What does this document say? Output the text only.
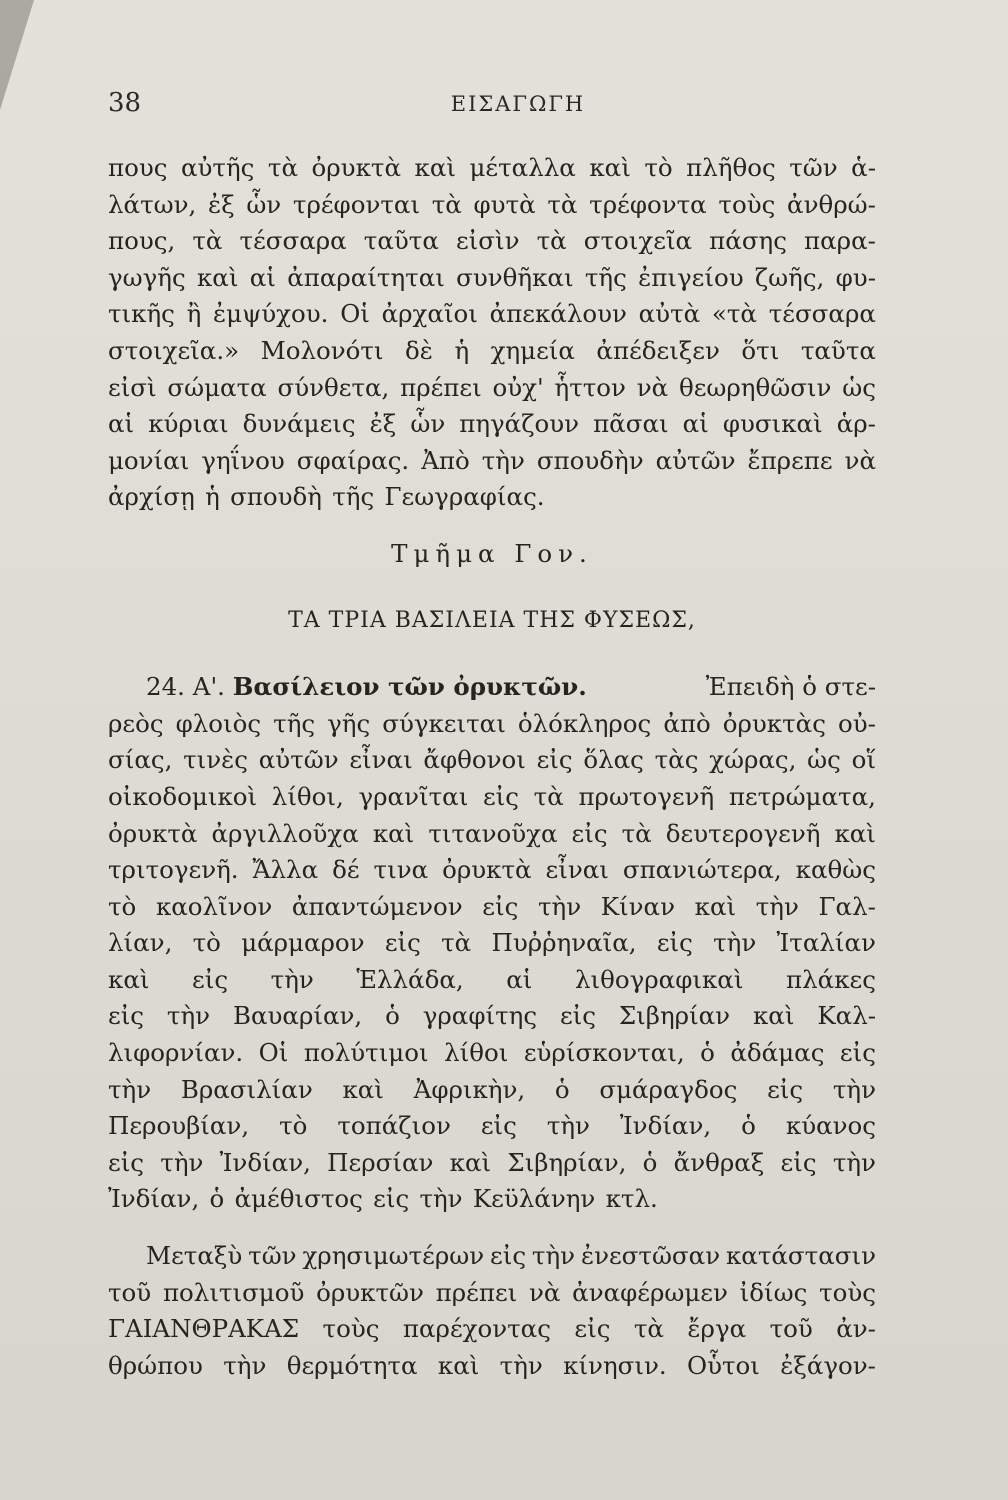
38	ΕΙΣΑΓΩΓΗ
πους αὐτῆς τὰ ὀρυκτὰ καὶ μέταλλα καὶ τὸ πλῆθος τῶν ἁ-
λάτων, ἐξ ὧν τρέφονται τὰ φυτὰ τὰ τρέφοντα τοὺς ἀνθρώ-
πους, τὰ τέσσαρα ταῦτα εἰσὶν τὰ στοιχεῖα πάσης παρα-
γωγῆς καὶ αἱ ἀπαραίτηται συνθῆκαι τῆς ἐπιγείου ζωῆς, φυ-
τικῆς ἢ ἐμψύχου. Οἱ ἀρχαῖοι ἀπεκάλουν αὐτὰ «τὰ τέσσαρα
στοιχεῖα.» Μολονότι δὲ ἡ χημεία ἀπέδειξεν ὅτι ταῦτα
εἰσὶ σώματα σύνθετα, πρέπει οὐχ' ἧττον νὰ θεωρηθῶσιν ὡς
αἱ κύριαι δυνάμεις ἐξ ὧν πηγάζουν πᾶσαι αἱ φυσικαὶ ἁρ-
μονίαι γηΐνου σφαίρας. Ἀπὸ τὴν σπουδὴν αὐτῶν ἔπρεπε νὰ
ἀρχίσῃ ἡ σπουδὴ τῆς Γεωγραφίας.
Τμῆμα Γον.
ΤΑ ΤΡΙΑ ΒΑΣΙΛΕΙΑ ΤΗΣ ΦΥΣΕΩΣ,
24. Α'. Βασίλειον τῶν ὀρυκτῶν.	Ἐπειδὴ ὁ στε-
ρεὸς φλοιὸς τῆς γῆς σύγκειται ὁλόκληρος ἀπὸ ὀρυκτὰς οὐ-
σίας, τινὲς αὐτῶν εἶναι ἄφθονοι εἰς ὅλας τὰς χώρας, ὡς οἵ
οἰκοδομικοὶ λίθοι, γρανῖται εἰς τὰ πρωτογενῆ πετρώματα,
ὀρυκτὰ ἀργιλλοῦχα καὶ τιτανοῦχα εἰς τὰ δευτερογενῆ καὶ
τριτογενῆ. Ἄλλα δέ τινα ὀρυκτὰ εἶναι σπανιώτερα, καθὼς
τὸ καολῖνον ἀπαντώμενον εἰς τὴν Κίναν καὶ τὴν Γαλ-
λίαν, τὸ μάρμαρον εἰς τὰ Πυῤῥηναῖα, εἰς τὴν Ἰταλίαν
καὶ εἰς τὴν Ἑλλάδα, αἱ λιθογραφικαὶ πλάκες
εἰς τὴν Βαυαρίαν, ὁ γραφίτης εἰς Σιβηρίαν καὶ Καλ-
λιφορνίαν. Οἱ πολύτιμοι λίθοι εὑρίσκονται, ὁ ἀδάμας εἰς
τὴν Βρασιλίαν καὶ Ἀφρικὴν, ὁ σμάραγδος εἰς τὴν
Περουβίαν, τὸ τοπάζιον εἰς τὴν Ἰνδίαν, ὁ κύανος
εἰς τὴν Ἰνδίαν, Περσίαν καὶ Σιβηρίαν, ὁ ἄνθραξ εἰς τὴν
Ἰνδίαν, ὁ ἀμέθιστος εἰς τὴν Κεϋλάνην κτλ.
Μεταξὺ τῶν χρησιμωτέρων εἰς τὴν ἐνεστῶσαν κατάστασιν
τοῦ πολιτισμοῦ ὀρυκτῶν πρέπει νὰ ἀναφέρωμεν ἰδίως τοὺς
ΓΑΙΑΝΘΡΑΚΑΣ τοὺς παρέχοντας εἰς τὰ ἔργα τοῦ ἀν-
θρώπου τὴν θερμότητα καὶ τὴν κίνησιν. Οὗτοι ἐξάγον-
